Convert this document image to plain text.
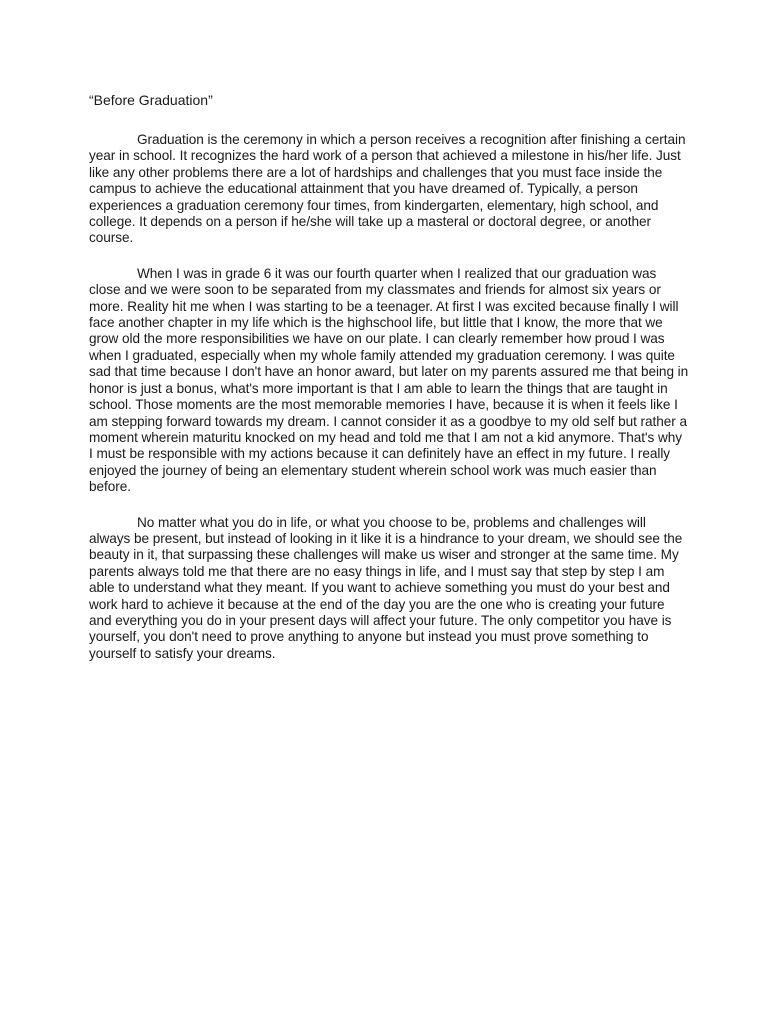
“Before Graduation”

Graduation is the ceremony in which a person receives a recognition after finishing a certain year in school. It recognizes the hard work of a person that achieved a milestone in his/her life. Just like any other problems there are a lot of hardships and challenges that you must face inside the campus to achieve the educational attainment that you have dreamed of. Typically, a person experiences a graduation ceremony four times, from kindergarten, elementary, high school, and college. It depends on a person if he/she will take up a masteral or doctoral degree, or another course.

When I was in grade 6 it was our fourth quarter when I realized that our graduation was close and we were soon to be separated from my classmates and friends for almost six years or more. Reality hit me when I was starting to be a teenager. At first I was excited because finally I will face another chapter in my life which is the highschool life, but little that I know, the more that we grow old the more responsibilities we have on our plate. I can clearly remember how proud I was when I graduated, especially when my whole family attended my graduation ceremony. I was quite sad that time because I don't have an honor award, but later on my parents assured me that being in honor is just a bonus, what's more important is that I am able to learn the things that are taught in school. Those moments are the most memorable memories I have, because it is when it feels like I am stepping forward towards my dream. I cannot consider it as a goodbye to my old self but rather a moment wherein maturitu knocked on my head and told me that I am not a kid anymore. That's why I must be responsible with my actions because it can definitely have an effect in my future. I really enjoyed the journey of being an elementary student wherein school work was much easier than before.

No matter what you do in life, or what you choose to be, problems and challenges will always be present, but instead of looking in it like it is a hindrance to your dream, we should see the beauty in it, that surpassing these challenges will make us wiser and stronger at the same time. My parents always told me that there are no easy things in life, and I must say that step by step I am able to understand what they meant. If you want to achieve something you must do your best and work hard to achieve it because at the end of the day you are the one who is creating your future and everything you do in your present days will affect your future. The only competitor you have is yourself, you don't need to prove anything to anyone but instead you must prove something to yourself to satisfy your dreams.
